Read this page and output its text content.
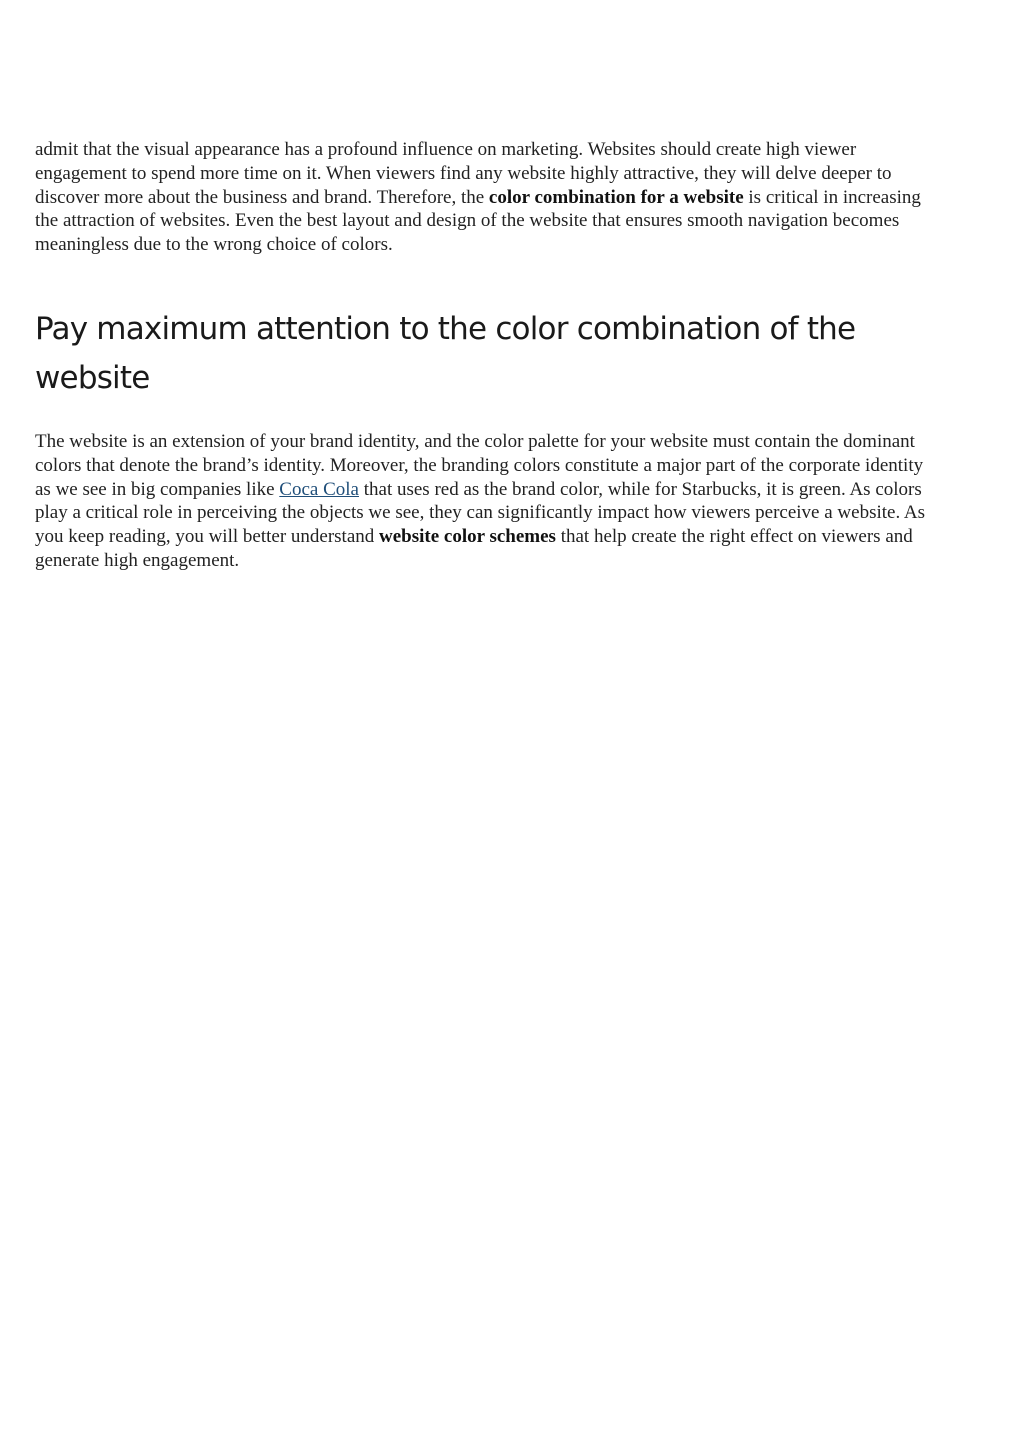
admit that the visual appearance has a profound influence on marketing. Websites should create high viewer engagement to spend more time on it. When viewers find any website highly attractive, they will delve deeper to discover more about the business and brand. Therefore, the color combination for a website is critical in increasing the attraction of websites. Even the best layout and design of the website that ensures smooth navigation becomes meaningless due to the wrong choice of colors.

Pay maximum attention to the color combination of the website

The website is an extension of your brand identity, and the color palette for your website must contain the dominant colors that denote the brand’s identity. Moreover, the branding colors constitute a major part of the corporate identity as we see in big companies like Coca Cola that uses red as the brand color, while for Starbucks, it is green. As colors play a critical role in perceiving the objects we see, they can significantly impact how viewers perceive a website. As you keep reading, you will better understand website color schemes that help create the right effect on viewers and generate high engagement.
